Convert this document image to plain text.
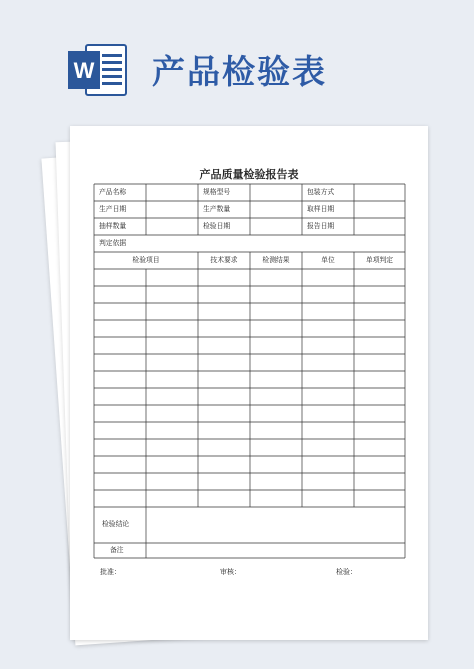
W 产品检验表
产品质量检验报告表
产品名称	规格型号	包装方式
生产日期	生产数量	取样日期
抽样数量	检验日期	报告日期
判定依据
检验项目	技术要求	检测结果	单位	单项判定
检验结论
备注
批准：	审核：	检验：
